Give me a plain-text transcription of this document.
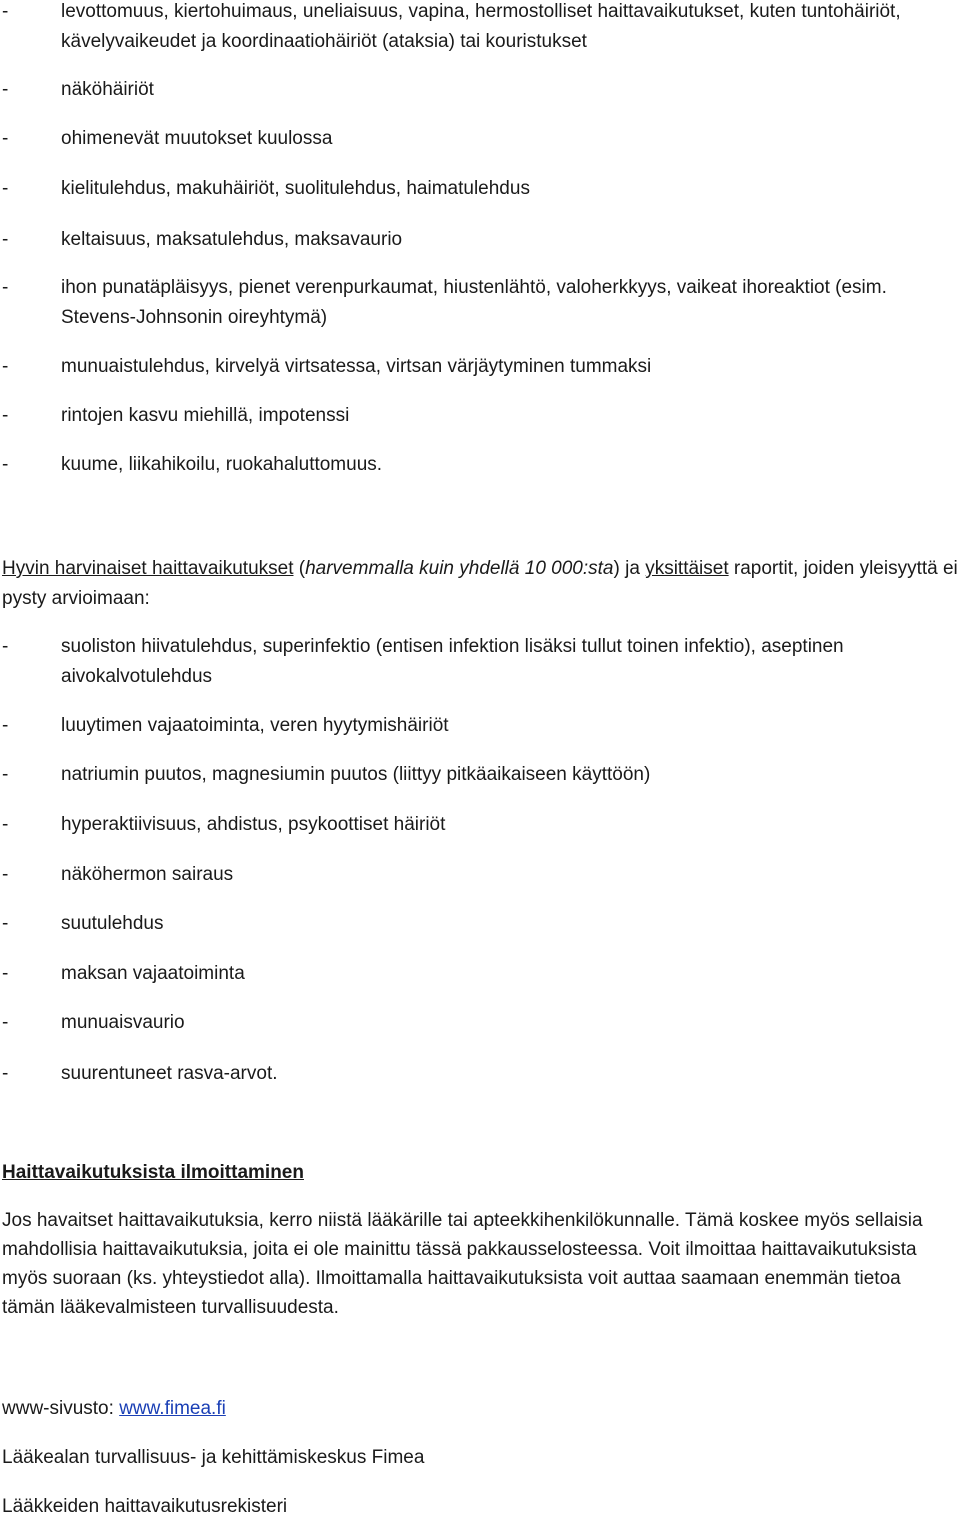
-	levottomuus, kiertohuimaus, uneliaisuus, vapina, hermostolliset haittavaikutukset, kuten tuntohäiriöt, kävelyvaikeudet ja koordinaatiohäiriöt (ataksia) tai kouristukset
-	näköhäiriöt
-	ohimenevät muutokset kuulossa
-	kielitulehdus, makuhäiriöt, suolitulehdus, haimatulehdus
-	keltaisuus, maksatulehdus, maksavaurio
-	ihon punatäpläisyys, pienet verenpurkaumat, hiustenlähtö, valoherkkyys, vaikeat ihoreaktiot (esim. Stevens-Johnsonin oireyhtymä)
-	munuaistulehdus, kirvelyä virtsatessa, virtsan värjäytyminen tummaksi
-	rintojen kasvu miehillä, impotenssi
-	kuume, liikahikoilu, ruokahaluttomuus.
Hyvin harvinaiset haittavaikutukset (harvemmalla kuin yhdellä 10 000:sta) ja yksittäiset raportit, joiden yleisyyttä ei pysty arvioimaan:
-	suoliston hiivatulehdus, superinfektio (entisen infektion lisäksi tullut toinen infektio), aseptinen aivokalvotulehdus
-	luuytimen vajaatoiminta, veren hyytymishäiriöt
-	natriumin puutos, magnesiumin puutos (liittyy pitkäaikaiseen käyttöön)
-	hyperaktiivisuus, ahdistus, psykoottiset häiriöt
-	näköhermon sairaus
-	suutulehdus
-	maksan vajaatoiminta
-	munuaisvaurio
-	suurentuneet rasva-arvot.
Haittavaikutuksista ilmoittaminen
Jos havaitset haittavaikutuksia, kerro niistä lääkärille tai apteekkihenkilökunnalle. Tämä koskee myös sellaisia mahdollisia haittavaikutuksia, joita ei ole mainittu tässä pakkausselosteessa. Voit ilmoittaa haittavaikutuksista myös suoraan (ks. yhteystiedot alla). Ilmoittamalla haittavaikutuksista voit auttaa saamaan enemmän tietoa tämän lääkevalmisteen turvallisuudesta.
www-sivusto: www.fimea.fi
Lääkealan turvallisuus- ja kehittämiskeskus Fimea
Lääkkeiden haittavaikutusrekisteri
